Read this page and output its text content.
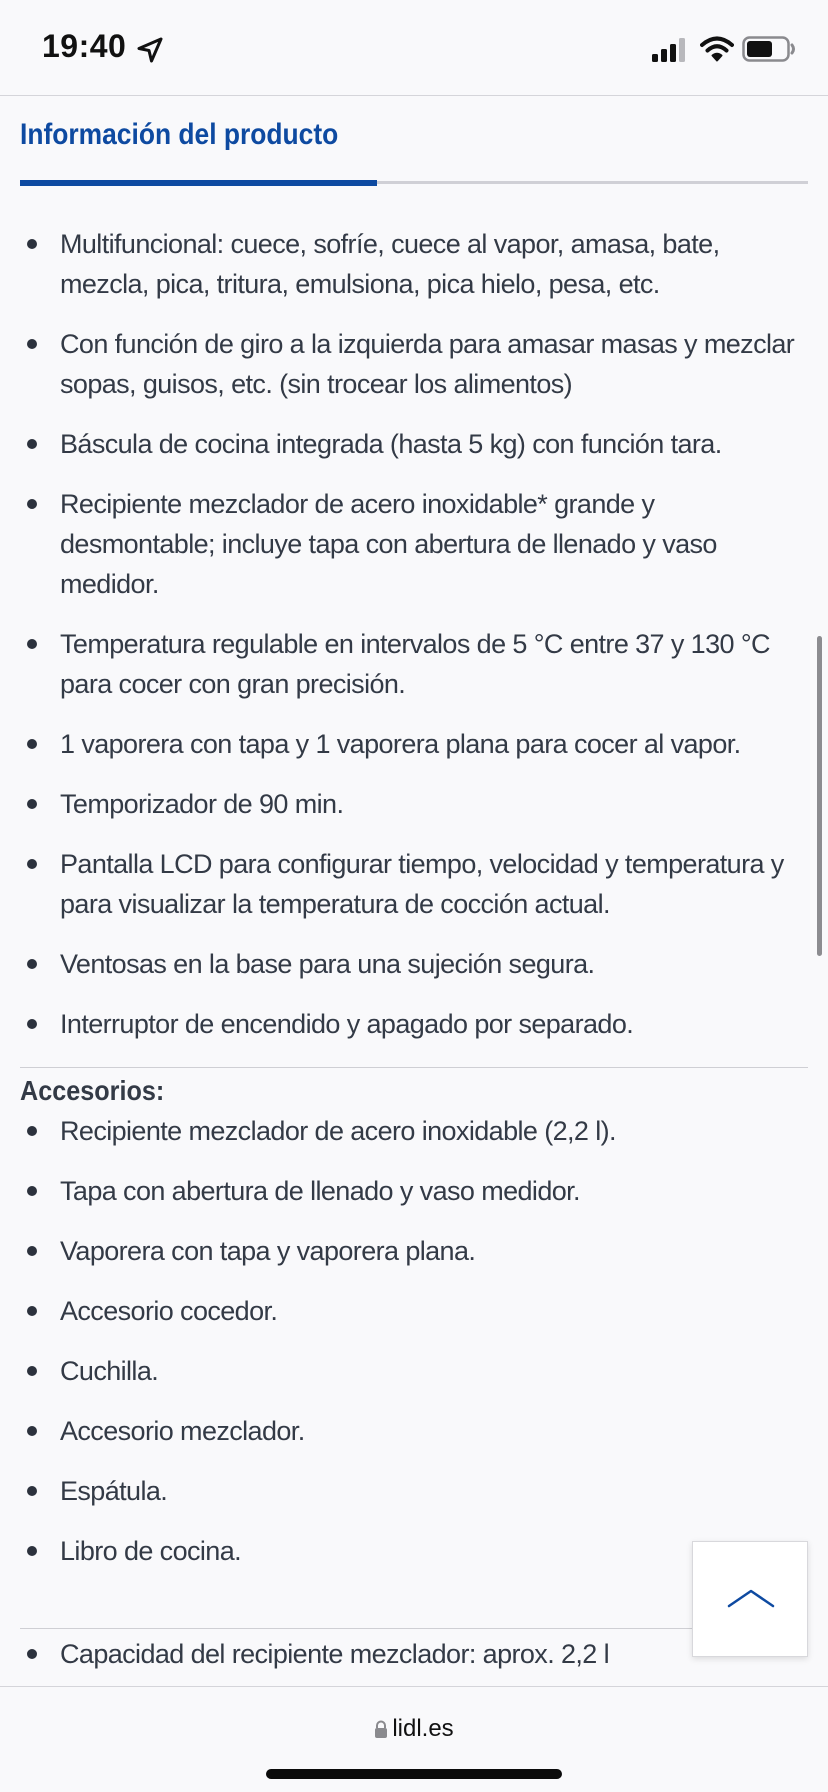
19:40
Información del producto
Multifuncional: cuece, sofríe, cuece al vapor, amasa, bate, mezcla, pica, tritura, emulsiona, pica hielo, pesa, etc.
Con función de giro a la izquierda para amasar masas y mezclar sopas, guisos, etc. (sin trocear los alimentos)
Báscula de cocina integrada (hasta 5 kg) con función tara.
Recipiente mezclador de acero inoxidable* grande y desmontable; incluye tapa con abertura de llenado y vaso medidor.
Temperatura regulable en intervalos de 5 °C entre 37 y 130 °C para cocer con gran precisión.
1 vaporera con tapa y 1 vaporera plana para cocer al vapor.
Temporizador de 90 min.
Pantalla LCD para configurar tiempo, velocidad y temperatura y para visualizar la temperatura de cocción actual.
Ventosas en la base para una sujeción segura.
Interruptor de encendido y apagado por separado.
Accesorios:
Recipiente mezclador de acero inoxidable (2,2 l).
Tapa con abertura de llenado y vaso medidor.
Vaporera con tapa y vaporera plana.
Accesorio cocedor.
Cuchilla.
Accesorio mezclador.
Espátula.
Libro de cocina.
Capacidad del recipiente mezclador: aprox. 2,2 l
lidl.es
